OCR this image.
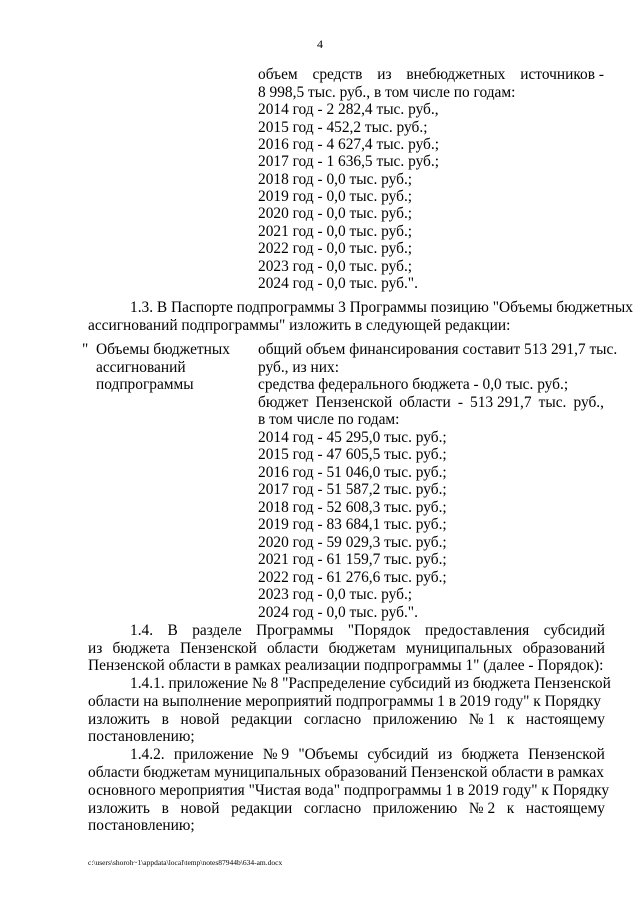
4
объем средств из внебюджетных источников -
1.3. В Паспорте подпрограммы 3 Программы позицию "Объемы бюджетных
ассигнований подпрограммы" изложить в следующей редакции:
"	общий объем финансирования составит 513 291,7 тыс.
руб., из них:
средства федерального бюджета - 0,0 тыс. руб.;
бюджет Пензенской области - 513 291,7 тыс. руб.,
в том числе по годам:
1.4. В разделе Программы "Порядок предоставления субсидий
из бюджета Пензенской области бюджетам муниципальных образований
Пензенской области в рамках реализации подпрограммы 1" (далее - Порядок):
1.4.1. приложение № 8 "Распределение субсидий из бюджета Пензенской
области на выполнение мероприятий подпрограммы 1 в 2019 году" к Порядку
изложить в новой редакции согласно приложению № 1 к настоящему
постановлению;
1.4.2. приложение № 9 "Объемы субсидий из бюджета Пензенской
области бюджетам муниципальных образований Пензенской области в рамках
основного мероприятия "Чистая вода" подпрограммы 1 в 2019 году" к Порядку
изложить в новой редакции согласно приложению № 2 к настоящему
постановлению;
c:\users\shoroh~1\appdata\local\temp\notes87944b\634-am.docx
8 998,5 тыс. руб., в том числе по годам:
2014 год - 2 282,4 тыс. руб.,
2015 год - 452,2 тыс. руб.;
2016 год - 4 627,4 тыс. руб.;
2017 год - 1 636,5 тыс. руб.;
2018 год - 0,0 тыс. руб.;
2019 год - 0,0 тыс. руб.;
2020 год - 0,0 тыс. руб.;
2021 год - 0,0 тыс. руб.;
2022 год - 0,0 тыс. руб.;
2023 год - 0,0 тыс. руб.;
2024 год - 0,0 тыс. руб.".
Объемы бюджетных
ассигнований
подпрограммы
2014 год - 45 295,0 тыс. руб.;
2015 год - 47 605,5 тыс. руб.;
2016 год - 51 046,0 тыс. руб.;
2017 год - 51 587,2 тыс. руб.;
2018 год - 52 608,3 тыс. руб.;
2019 год - 83 684,1 тыс. руб.;
2020 год - 59 029,3 тыс. руб.;
2021 год - 61 159,7 тыс. руб.;
2022 год - 61 276,6 тыс. руб.;
2023 год - 0,0 тыс. руб.;
2024 год - 0,0 тыс. руб.".
